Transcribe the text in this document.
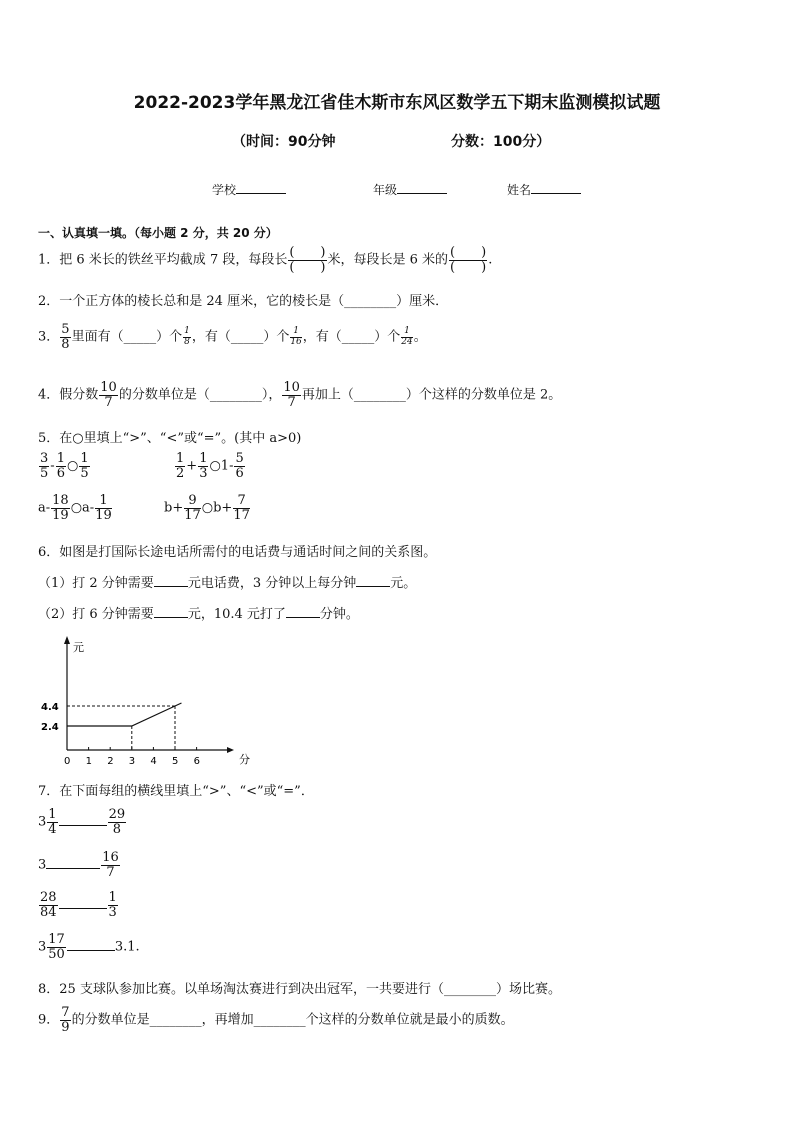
2022-2023学年黑龙江省佳木斯市东风区数学五下期末监测模拟试题
（时间：90分钟	分数：100分）
学校	年级	姓名
一、认真填一填。（每小题 2 分，共 20 分）
1．把 6 米长的铁丝平均截成 7 段，每段长 $\frac{( )}{( )}$ 米，每段长是 6 米的 $\frac{( )}{( )}$ .
2．一个正方体的棱长总和是 24 厘米，它的棱长是（________）厘米．
3． $\frac{5}{8}$ 里面有（_____）个 $\frac{1}{8}$ ，有（_____）个 $\frac{1}{16}$ ，有（_____）个 $\frac{1}{24}$ 。
4．假分数 $\frac{10}{7}$ 的分数单位是（________）， $\frac{10}{7}$ 再加上（________）个这样的分数单位是 2。
5．在○里填上“>”、“<”或“=”。(其中 a>0)
$\frac{3}{5} - \frac{1}{6}$ ○ $\frac{1}{5}$	$\frac{1}{2} + \frac{1}{3}$ ○1- $\frac{5}{6}$
$a- \frac{18}{19}$ ○a- $\frac{1}{19}$	$b+ \frac{9}{17}$ ○b+ $\frac{7}{17}$
6．如图是打国际长途电话所需付的电话费与通话时间之间的关系图。
（1）打 2 分钟需要	元电话费，3 分钟以上每分钟	元。
（2）打 6 分钟需要	元，10.4 元打了	分钟。
元
分
0 1 2 3 4 5 6
2.4
4.4
7．在下面每组的横线里填上“>”、“<”或“=”．
$3 \frac{1}{4}$	$\frac{29}{8}$
3	$\frac{16}{7}$
$\frac{28}{84}$	$\frac{1}{3}$
$3 \frac{17}{50}$	3.1.
8．25 支球队参加比赛。以单场淘汰赛进行到决出冠军，一共要进行（________）场比赛。
9． $\frac{7}{9}$ 的分数单位是________，再增加________个这样的分数单位就是最小的质数。
